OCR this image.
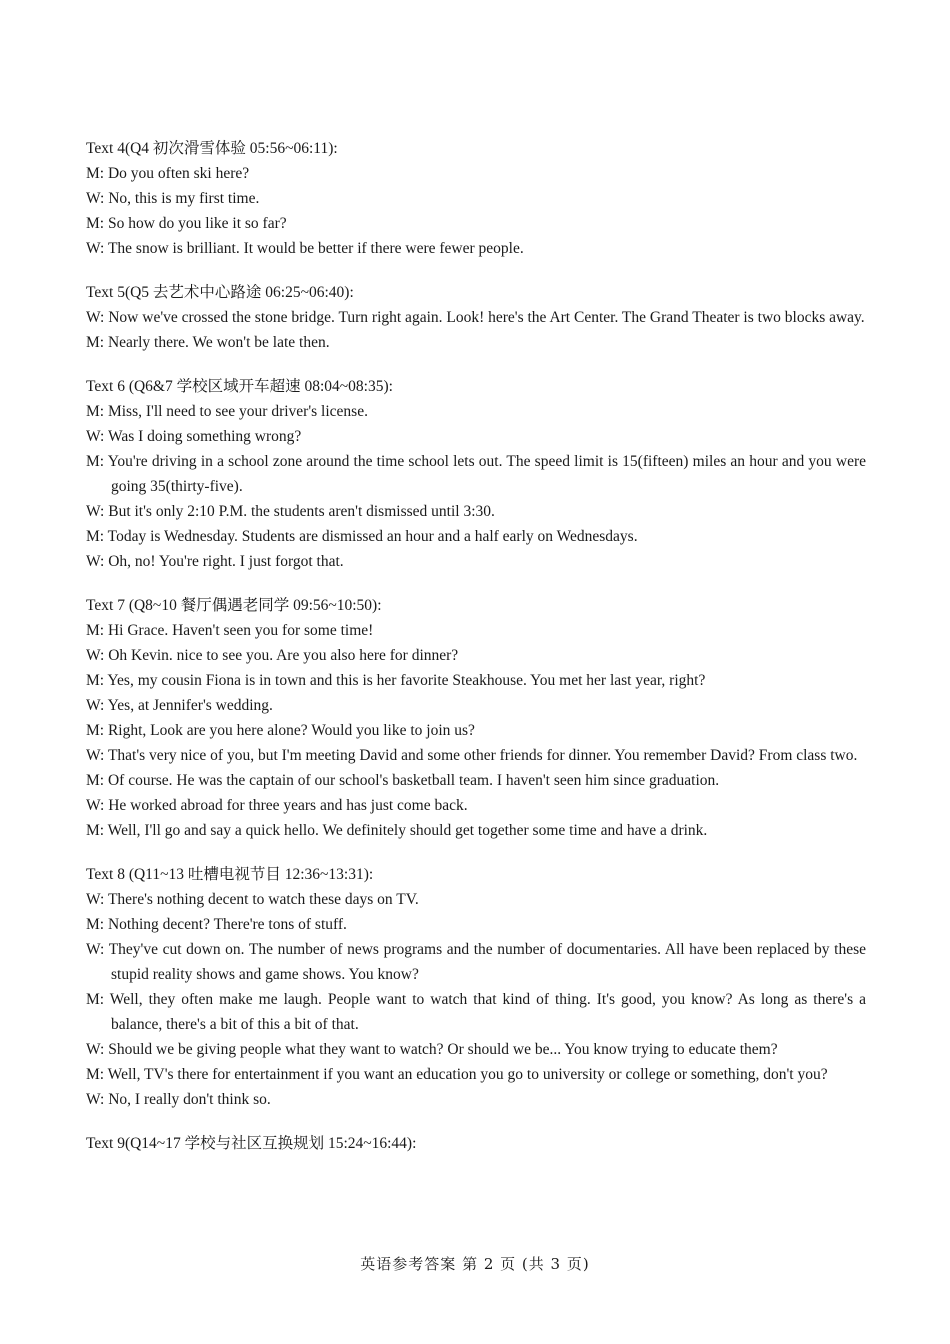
Text 4(Q4 初次滑雪体验 05:56~06:11):
M: Do you often ski here?
W: No, this is my first time.
M: So how do you like it so far?
W: The snow is brilliant. It would be better if there were fewer people.
Text 5(Q5 去艺术中心路途 06:25~06:40):
W: Now we've crossed the stone bridge. Turn right again. Look! here's the Art Center. The Grand Theater is two blocks away.
M: Nearly there. We won't be late then.
Text 6 (Q6&7 学校区域开车超速 08:04~08:35):
M: Miss, I'll need to see your driver's license.
W: Was I doing something wrong?
M: You're driving in a school zone around the time school lets out. The speed limit is 15(fifteen) miles an hour and you were going 35(thirty-five).
W: But it's only 2:10 P.M. the students aren't dismissed until 3:30.
M: Today is Wednesday. Students are dismissed an hour and a half early on Wednesdays.
W: Oh, no! You're right. I just forgot that.
Text 7 (Q8~10 餐厅偶遇老同学 09:56~10:50):
M: Hi Grace. Haven't seen you for some time!
W: Oh Kevin. nice to see you. Are you also here for dinner?
M: Yes, my cousin Fiona is in town and this is her favorite Steakhouse. You met her last year, right?
W: Yes, at Jennifer's wedding.
M: Right, Look are you here alone? Would you like to join us?
W: That's very nice of you, but I'm meeting David and some other friends for dinner. You remember David? From class two.
M: Of course. He was the captain of our school's basketball team. I haven't seen him since graduation.
W: He worked abroad for three years and has just come back.
M: Well, I'll go and say a quick hello. We definitely should get together some time and have a drink.
Text 8 (Q11~13 吐槽电视节目 12:36~13:31):
W: There's nothing decent to watch these days on TV.
M: Nothing decent? There're tons of stuff.
W: They've cut down on. The number of news programs and the number of documentaries. All have been replaced by these stupid reality shows and game shows. You know?
M: Well, they often make me laugh. People want to watch that kind of thing. It's good, you know? As long as there's a balance, there's a bit of this a bit of that.
W: Should we be giving people what they want to watch? Or should we be... You know trying to educate them?
M: Well, TV's there for entertainment if you want an education you go to university or college or something, don't you?
W: No, I really don't think so.
Text 9(Q14~17 学校与社区互换规划 15:24~16:44):
英语参考答案 第 2 页 (共 3 页)
